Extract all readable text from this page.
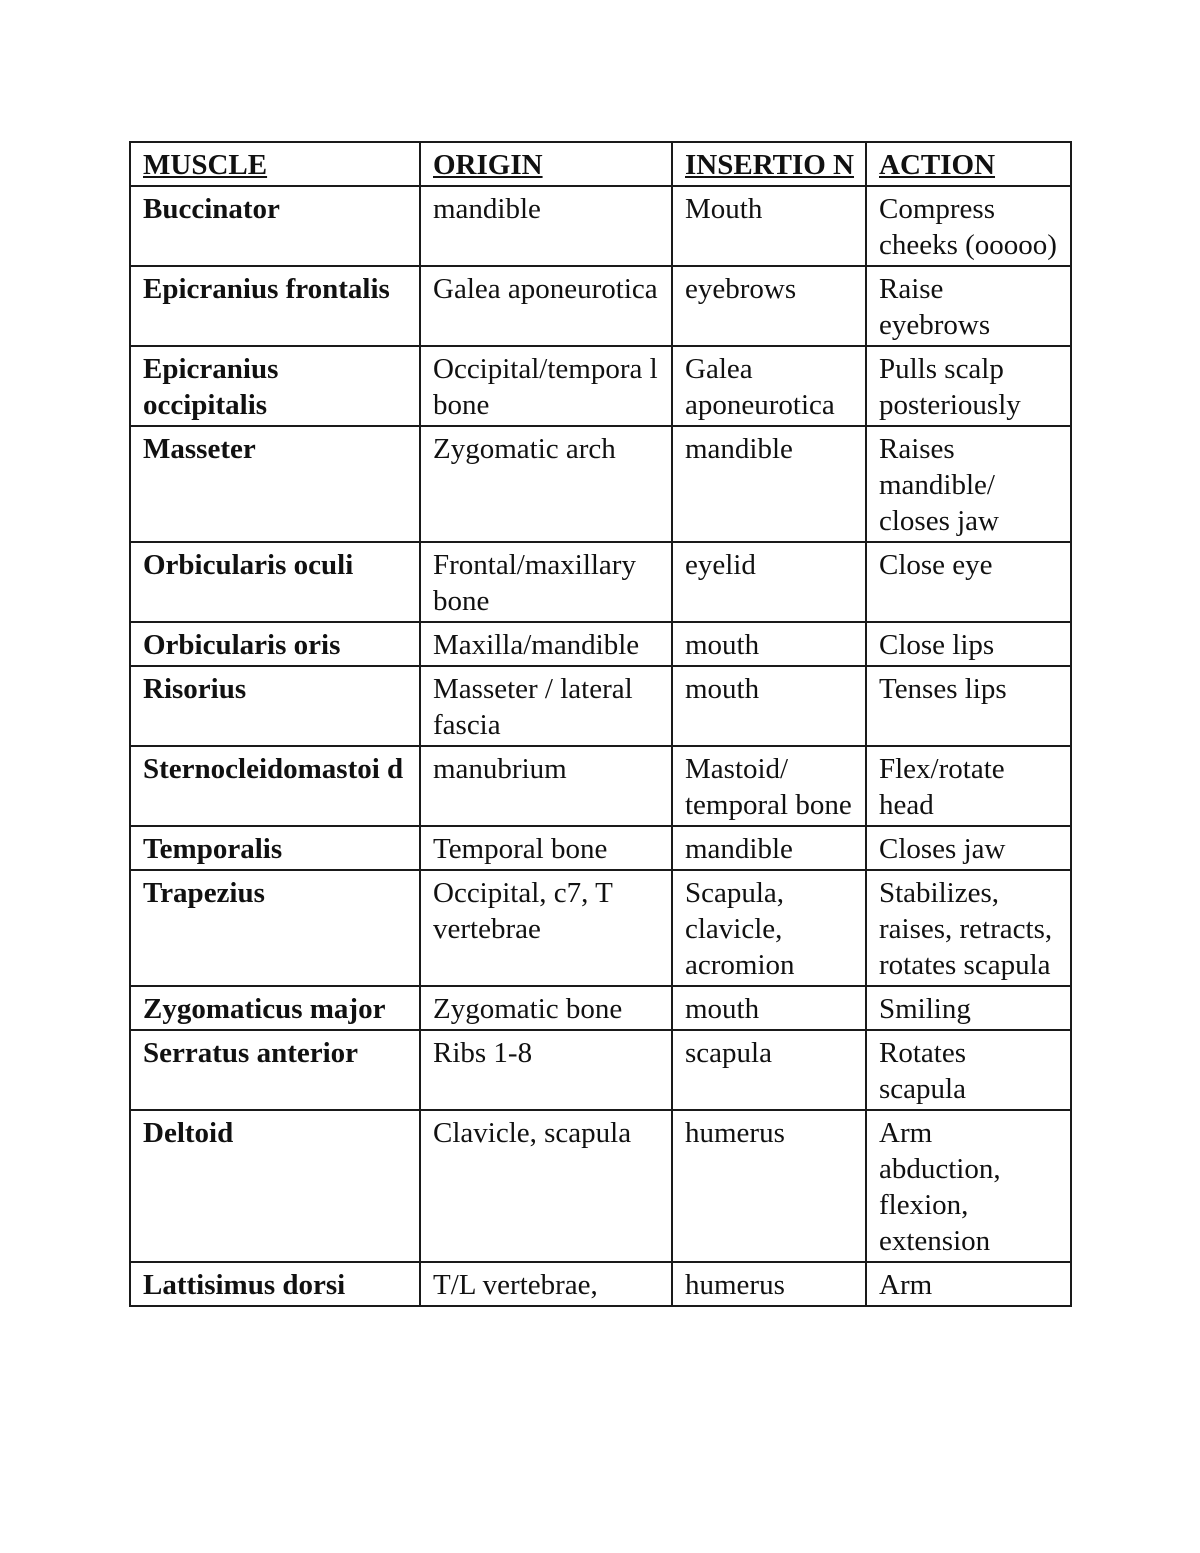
MUSCLE	ORIGIN	INSERTIO N	ACTION
Buccinator	mandible	Mouth	Compress cheeks (ooooo)
Epicranius frontalis	Galea aponeurotica	eyebrows	Raise eyebrows
Epicranius occipitalis	Occipital/tempora l bone	Galea aponeurotica	Pulls scalp posteriously
Masseter	Zygomatic arch	mandible	Raises mandible/ closes jaw
Orbicularis oculi	Frontal/maxillary bone	eyelid	Close eye
Orbicularis oris	Maxilla/mandible	mouth	Close lips
Risorius	Masseter / lateral fascia	mouth	Tenses lips
Sternocleidomastoi d	manubrium	Mastoid/ temporal bone	Flex/rotate head
Temporalis	Temporal bone	mandible	Closes jaw
Trapezius	Occipital, c7, T vertebrae	Scapula, clavicle, acromion	Stabilizes, raises, retracts, rotates scapula
Zygomaticus major	Zygomatic bone	mouth	Smiling
Serratus anterior	Ribs 1-8	scapula	Rotates scapula
Deltoid	Clavicle, scapula	humerus	Arm abduction, flexion, extension
Lattisimus dorsi	T/L vertebrae,	humerus	Arm
